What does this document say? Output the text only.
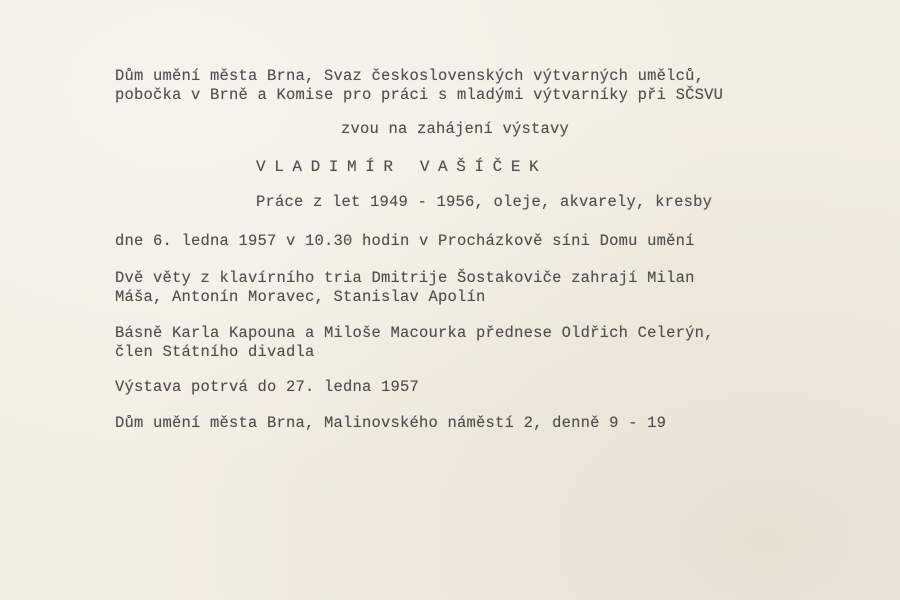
Dům umění města Brna, Svaz československých výtvarných umělců,
pobočka v Brně a Komise pro práci s mladými výtvarníky při SČSVU
zvou na zahájení výstavy
VLADIMÍR VAŠÍČEK
Práce z let 1949 - 1956, oleje, akvarely, kresby
dne 6. ledna 1957 v 10.30 hodin v Procházkově síni Domu umění
Dvě věty z klavírního tria Dmitrije Šostakoviče zahrají Milan
Máša, Antonín Moravec, Stanislav Apolín
Básně Karla Kapouna a Miloše Macourka přednese Oldřich Celerýn,
člen Státního divadla
Výstava potrvá do 27. ledna 1957
Dům umění města Brna, Malinovského náměstí 2, denně 9 - 19
